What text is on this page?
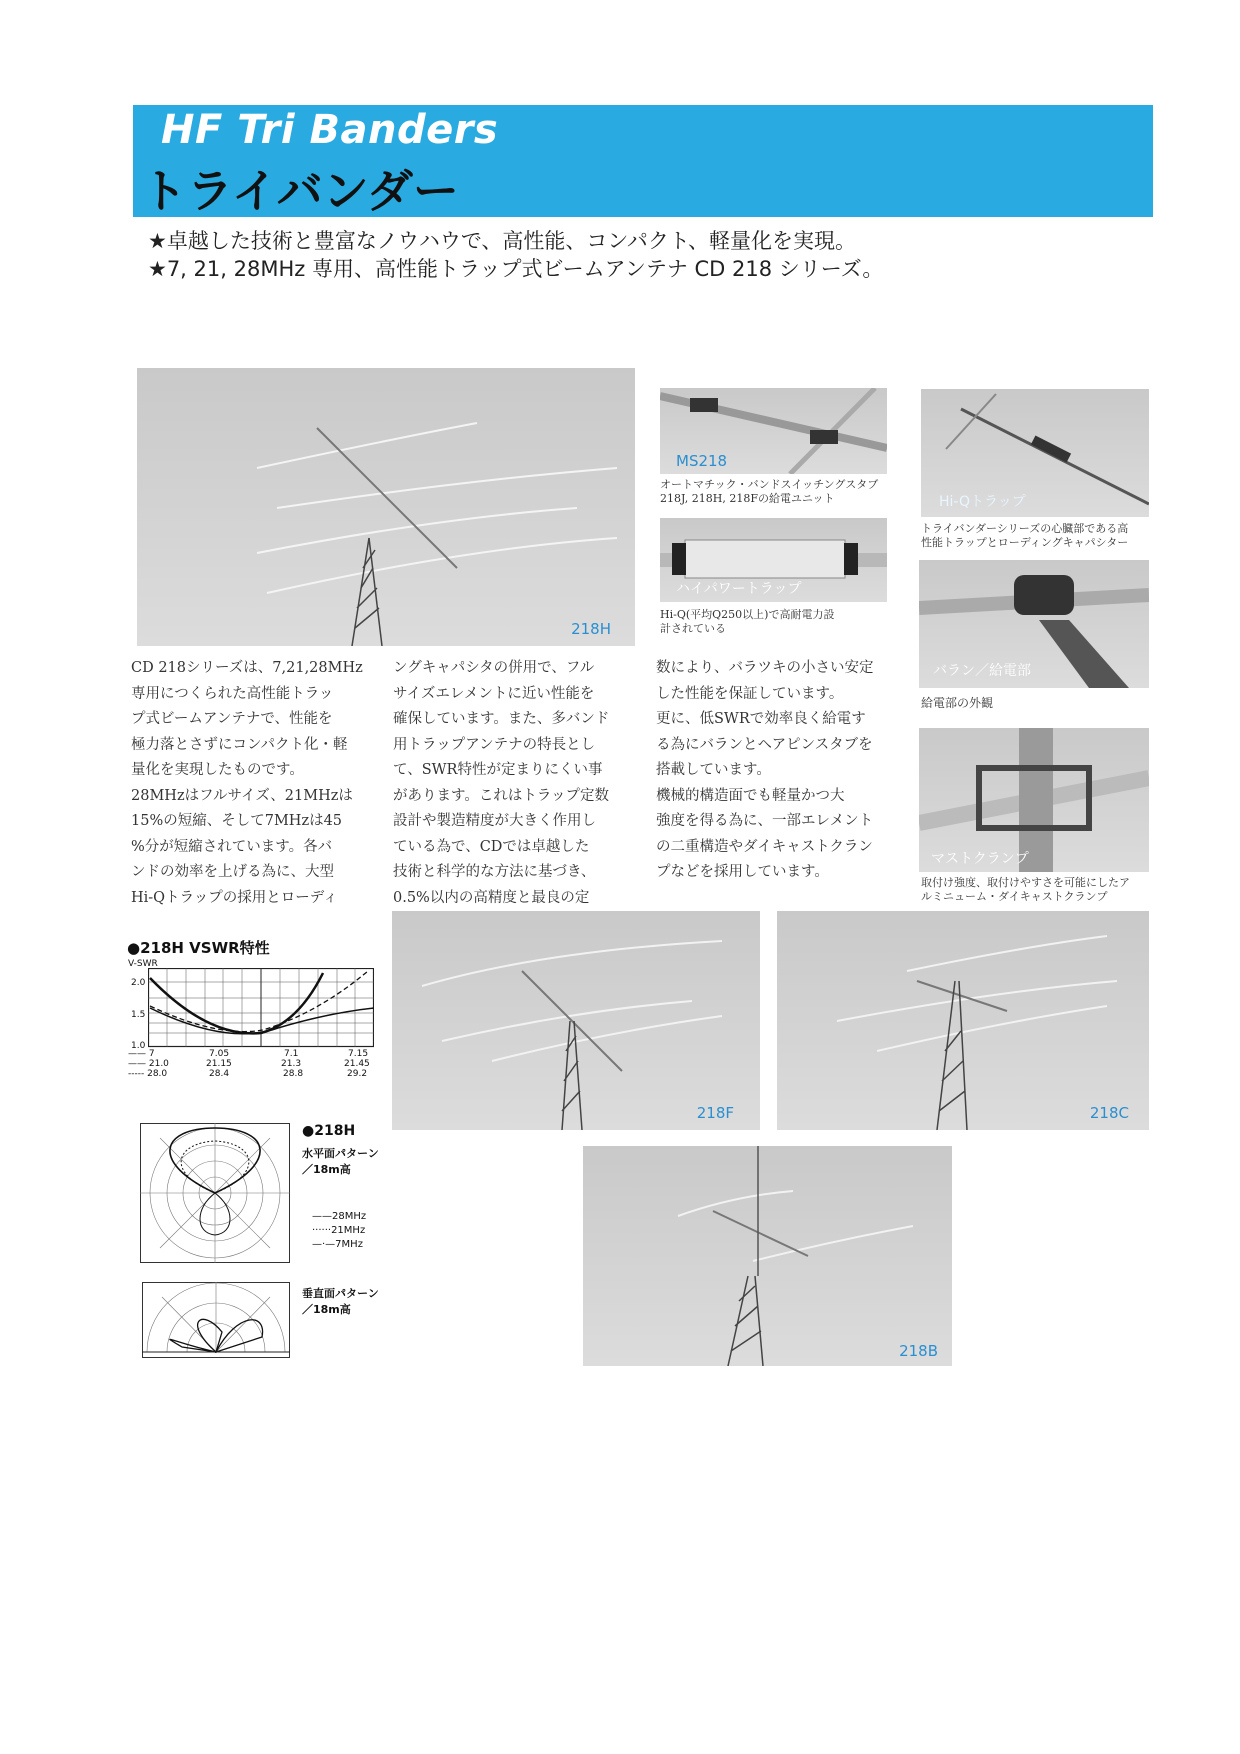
HF Tri Banders
トライバンダー
★卓越した技術と豊富なノウハウで、高性能、コンパクト、軽量化を実現。
★7, 21, 28MHz 専用、高性能トラップ式ビームアンテナ CD 218 シリーズ。
218H
MS218
オートマチック・バンドスイッチングスタブ
218J, 218H, 218Fの給電ユニット	Hi-Qトラップ
トライバンダーシリーズの心臓部である高
性能トラップとローディングキャパシター
ハイパワートラップ
Hi-Q(平均Q250以上)で高耐電力設
計されている
バラン／給電部
給電部の外観
マストクランプ
取付け強度、取付けやすさを可能にしたア
ルミニューム・ダイキャストクランプ
CD 218シリーズは、7,21,28MHz
専用につくられた高性能トラッ
プ式ビームアンテナで、性能を
極力落とさずにコンパクト化・軽
量化を実現したものです。
28MHzはフルサイズ、21MHzは
15%の短縮、そして7MHzは45
%分が短縮されています。各バ
ンドの効率を上げる為に、大型
Hi-Qトラップの採用とローディ
ングキャパシタの併用で、フル
サイズエレメントに近い性能を
確保しています。また、多バンド
用トラップアンテナの特長とし
て、SWR特性が定まりにくい事
があります。これはトラップ定数
設計や製造精度が大きく作用し
ている為で、CDでは卓越した
技術と科学的な方法に基づき、
0.5%以内の高精度と最良の定
数により、バラツキの小さい安定
した性能を保証しています。
更に、低SWRで効率良く給電す
る為にバランとヘアピンスタブを
搭載しています。
機械的構造面でも軽量かつ大
強度を得る為に、一部エレメント
の二重構造やダイキャストクラン
プなどを採用しています。
●218H VSWR特性
V-SWR
2.0
1.5
1.0
—— 7	7.05	7.1	7.15
—— 21.0	21.15	21.3	21.45
----- 28.0	28.4	28.8	29.2
●218H
水平面パターン
／18m高
——28MHz
······21MHz
—·—7MHz
垂直面パターン
／18m高
218F	218C
218B
